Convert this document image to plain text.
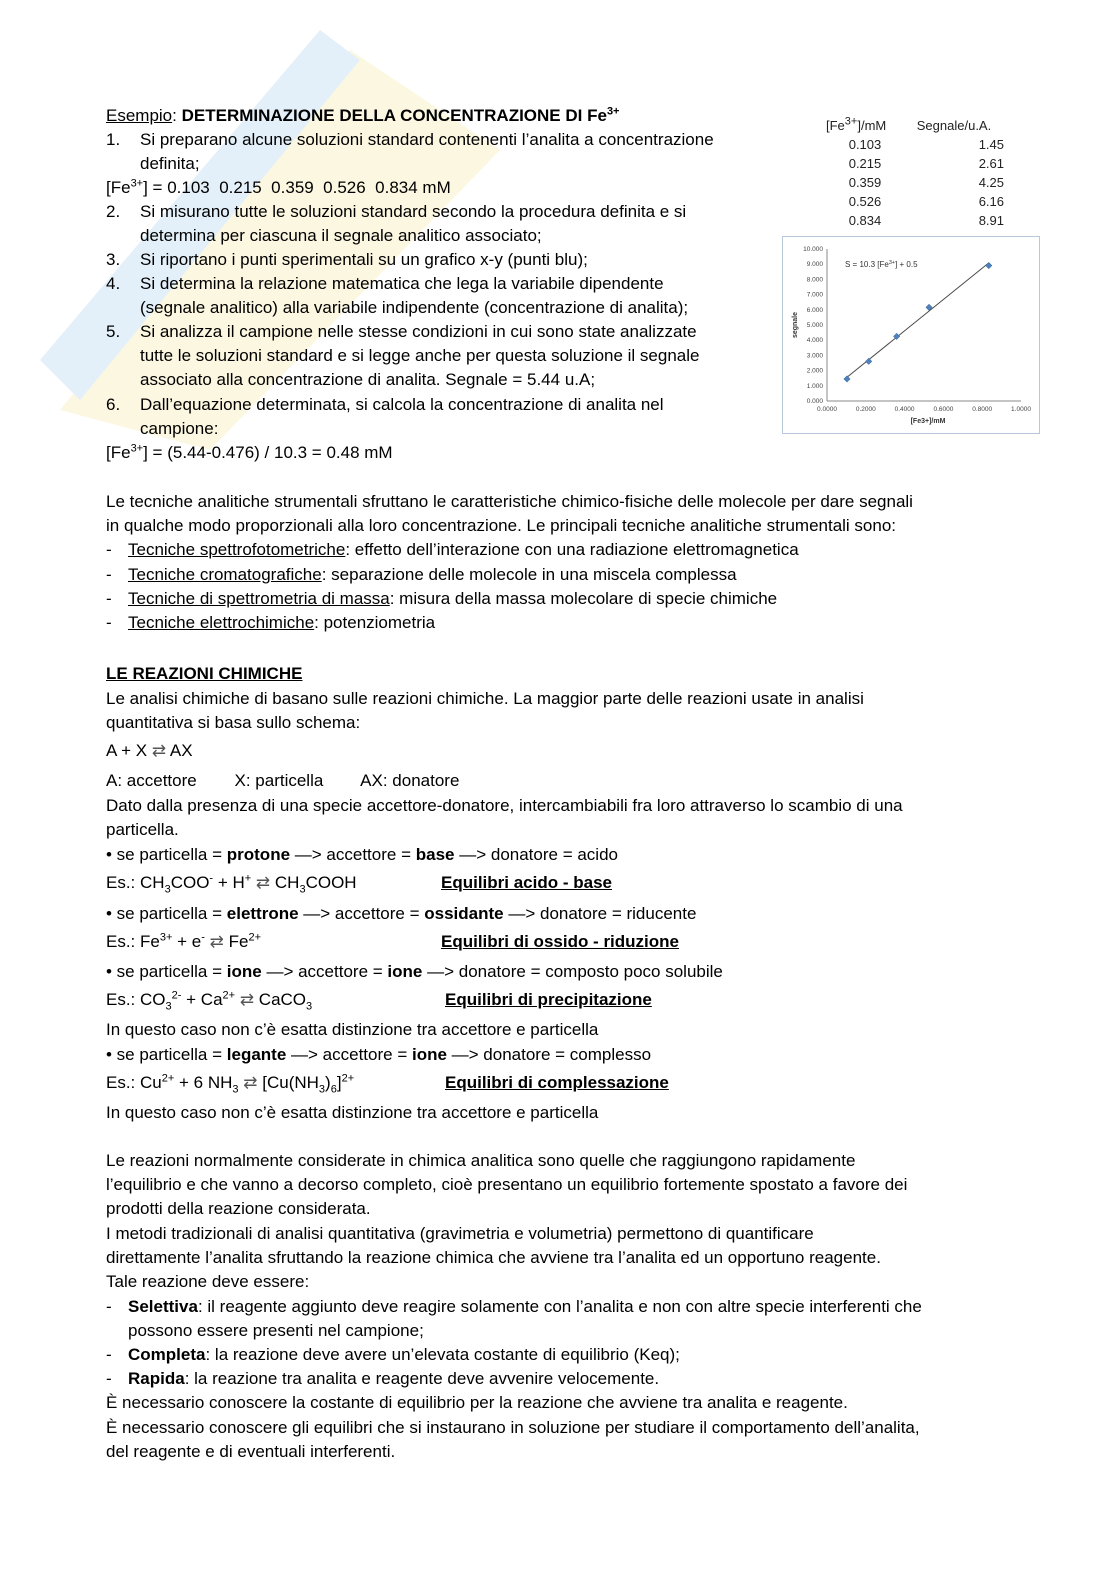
Esempio: DETERMINAZIONE DELLA CONCENTRAZIONE DI $Fe^{3+}$
1. Si preparano alcune soluzioni standard contenenti l’analita a concentrazione
definita;
$[Fe^{3+}] = 0.103$  0.215  0.359  0.526  0.834 mM
2. Si misurano tutte le soluzioni standard secondo la procedura definita e si
determina per ciascuna il segnale analitico associato;
3. Si riportano i punti sperimentali su un grafico x-y (punti blu);
4. Si determina la relazione matematica che lega la variabile dipendente
(segnale analitico) alla variabile indipendente (concentrazione di analita);
5. Si analizza il campione nelle stesse condizioni in cui sono state analizzate
tutte le soluzioni standard e si legge anche per questa soluzione il segnale
associato alla concentrazione di analita. Segnale = 5.44 u.A;
6. Dall’equazione determinata, si calcola la concentrazione di analita nel
campione:
$[Fe^{3+}] = (5.44-0.476) / 10.3 = 0.48$ mM
$[Fe^{3+}]/mM$ Segnale/u.A.
0.103	1.45
0.215	2.61
0.359	4.25
0.526	6.16
0.834	8.91
0.000
1.000
2.000
3.000
4.000
5.000
6.000
7.000
8.000
9.000
10.000
0.0000	0.2000	0.4000	0.6000	0.8000	1.0000
segnale
[Fe3+]/mM
S = 10.3 $[Fe^{3+}] + 0.5$
Le tecniche analitiche strumentali sfruttano le caratteristiche chimico-fisiche delle molecole per dare segnali
in qualche modo proporzionali alla loro concentrazione. Le principali tecniche analitiche strumentali sono:
- Tecniche spettrofotometriche: effetto dell’interazione con una radiazione elettromagnetica
- Tecniche cromatografiche: separazione delle molecole in una miscela complessa
- Tecniche di spettrometria di massa: misura della massa molecolare di specie chimiche
- Tecniche elettrochimiche: potenziometria
LE REAZIONI CHIMICHE
Le analisi chimiche di basano sulle reazioni chimiche. La maggior parte delle reazioni usate in analisi
quantitativa si basa sullo schema:
A + X ⇄ AX
A: accettore        X: particella        AX: donatore
Dato dalla presenza di una specie accettore-donatore, intercambiabili fra loro attraverso lo scambio di una
particella.
• se particella = protone —> accettore = base —> donatore = acido
Es.: $CH_3COO^- + H^+$ ⇄ $CH_3COOH$	Equilibri acido - base
• se particella = elettrone —> accettore = ossidante —> donatore = riducente
Es.: $Fe^{3+} + e^-$ ⇄ $Fe^{2+}$	Equilibri di ossido - riduzione
• se particella = ione —> accettore = ione —> donatore = composto poco solubile
Es.: $CO_3^{2-} + Ca^{2+}$ ⇄ CaCO$_3$	Equilibri di precipitazione
In questo caso non c’è esatta distinzione tra accettore e particella
• se particella = legante —> accettore = ione —> donatore = complesso
Es.: $Cu^{2+} + 6$ $NH_3$ ⇄ $[Cu(NH_3)_6]^{2+}$	Equilibri di complessazione
In questo caso non c’è esatta distinzione tra accettore e particella
Le reazioni normalmente considerate in chimica analitica sono quelle che raggiungono rapidamente
l’equilibrio e che vanno a decorso completo, cioè presentano un equilibrio fortemente spostato a favore dei
prodotti della reazione considerata.
I metodi tradizionali di analisi quantitativa (gravimetria e volumetria) permettono di quantificare
direttamente l’analita sfruttando la reazione chimica che avviene tra l’analita ed un opportuno reagente.
Tale reazione deve essere:
- Selettiva: il reagente aggiunto deve reagire solamente con l’analita e non con altre specie interferenti che
possono essere presenti nel campione;
- Completa: la reazione deve avere un’elevata costante di equilibrio (Keq);
- Rapida: la reazione tra analita e reagente deve avvenire velocemente.
È necessario conoscere la costante di equilibrio per la reazione che avviene tra analita e reagente.
È necessario conoscere gli equilibri che si instaurano in soluzione per studiare il comportamento dell’analita,
del reagente e di eventuali interferenti.
